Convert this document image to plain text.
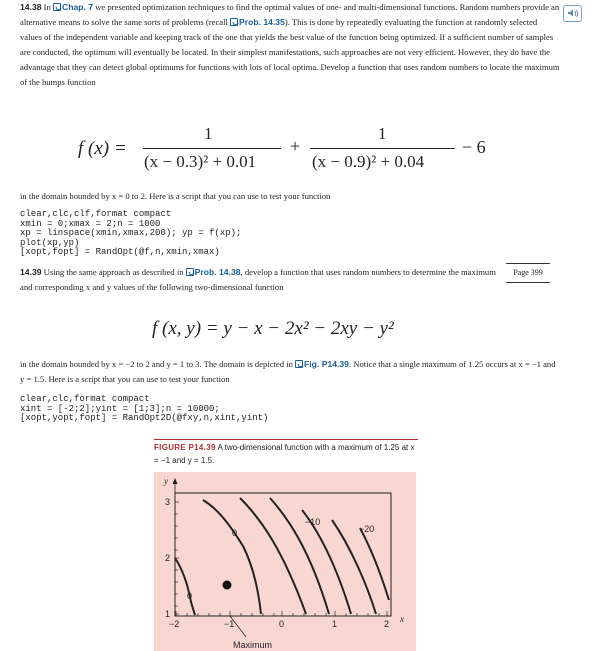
14.38 In Chap. 7 we presented optimization techniques to find the optimal values of one- and multi-dimensional functions. Random numbers provide an alternative means to solve the same sorts of problems (recall Prob. 14.35). This is done by repeatedly evaluating the function at randomly selected values of the independent variable and keeping track of the one that yields the best value of the function being optimized. If a sufficient number of samples are conducted, the optimum will eventually be located. In their simplest manifestations, such approaches are not very efficient. However, they do have the advantage that they can detect global optimums for functions with lots of local optima. Develop a function that uses random numbers to locate the maximum of the humps function
f (x) =
1
(x − 0.3)² + 0.01
+
1
(x − 0.9)² + 0.04
− 6
in the domain bounded by x = 0 to 2. Here is a script that you can use to test your function
clear,clc,clf,format compact
xmin = 0;xmax = 2;n = 1000
xp = linspace(xmin,xmax,200); yp = f(xp);
plot(xp,yp)
[xopt,fopt] = RandOpt(@f,n,xmin,xmax)
Page 399
14.39 Using the same approach as described in Prob. 14.38, develop a function that uses random numbers to determine the maximum and corresponding x and y values of the following two-dimensional function
f (x, y) = y − x − 2x² − 2xy − y²
in the domain bounded by x = −2 to 2 and y = 1 to 3. The domain is depicted in Fig. P14.39. Notice that a single maximum of 1.25 occurs at x = −1 and y = 1.5. Here is a script that you can use to test your function
clear,clc,format compact
xint = [-2;2];yint = [1;3];n = 10000;
[xopt,yopt,fopt] = RandOpt2D(@fxy,n,xint,yint)
FIGURE P14.39 A two-dimensional function with a maximum of 1.25 at x = −1 and y = 1.5.
y
0
0
−10
−20
1
2
3
−2	−1	0	1	2 x
Maximum
